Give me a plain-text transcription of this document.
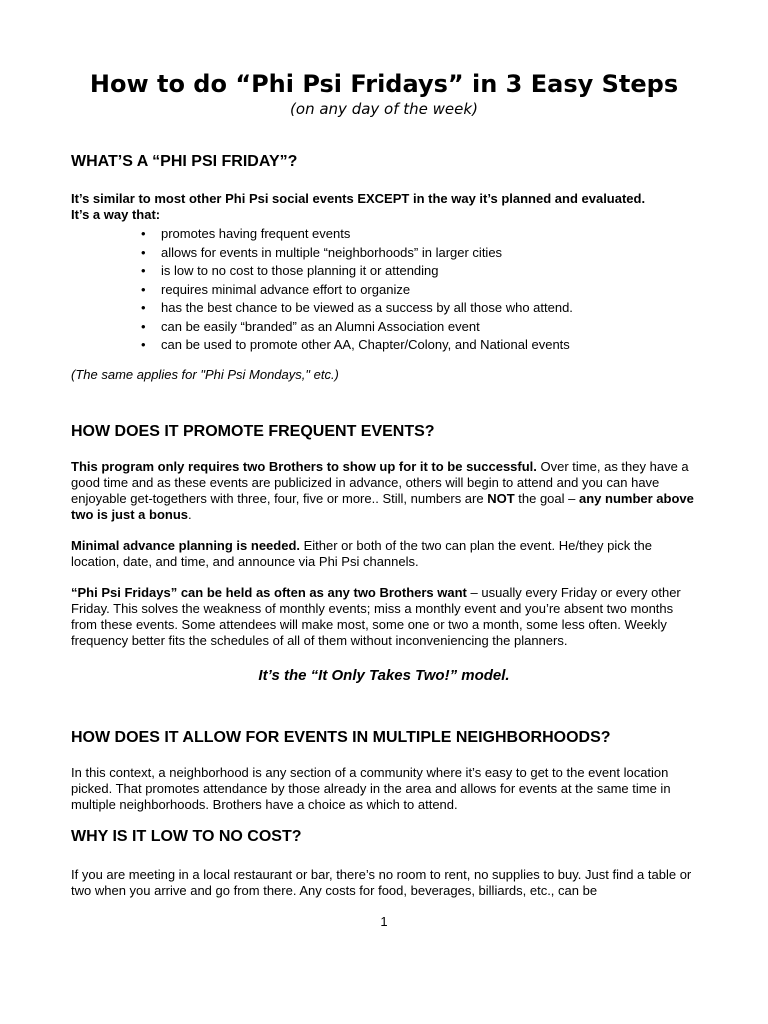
How to do “Phi Psi Fridays” in 3 Easy Steps

(on any day of the week)

WHAT’S A “PHI PSI FRIDAY”?

It’s similar to most other Phi Psi social events EXCEPT in the way it’s planned and evaluated.
It’s a way that:

• promotes having frequent events
• allows for events in multiple “neighborhoods” in larger cities
• is low to no cost to those planning it or attending
• requires minimal advance effort to organize
• has the best chance to be viewed as a success by all those who attend.
• can be easily “branded” as an Alumni Association event
• can be used to promote other AA, Chapter/Colony, and National events

(The same applies for "Phi Psi Mondays," etc.)

HOW DOES IT PROMOTE FREQUENT EVENTS?

This program only requires two Brothers to show up for it to be successful. Over time, as they have a good time and as these events are publicized in advance, others will begin to attend and you can have enjoyable get-togethers with three, four, five or more.. Still, numbers are NOT the goal – any number above two is just a bonus.

Minimal advance planning is needed. Either or both of the two can plan the event. He/they pick the location, date, and time, and announce via Phi Psi channels.

“Phi Psi Fridays” can be held as often as any two Brothers want – usually every Friday or every other Friday. This solves the weakness of monthly events; miss a monthly event and you’re absent two months from these events. Some attendees will make most, some one or two a month, some less often. Weekly frequency better fits the schedules of all of them without inconveniencing the planners.

It’s the “It Only Takes Two!” model.

HOW DOES IT ALLOW FOR EVENTS IN MULTIPLE NEIGHBORHOODS?

In this context, a neighborhood is any section of a community where it’s easy to get to the event location picked. That promotes attendance by those already in the area and allows for events at the same time in multiple neighborhoods. Brothers have a choice as which to attend.

WHY IS IT LOW TO NO COST?

If you are meeting in a local restaurant or bar, there’s no room to rent, no supplies to buy. Just find a table or two when you arrive and go from there. Any costs for food, beverages, billiards, etc., can be

1
